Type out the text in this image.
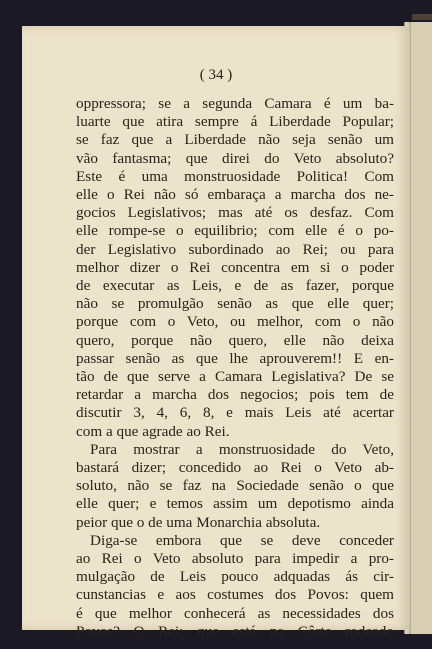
( 34 )
oppressora; se a segunda Camara é um ba-
luarte que atira sempre á Liberdade Popular;
se faz que a Liberdade não seja senão um
vão fantasma; que direi do Veto absoluto?
Este é uma monstruosidade Politica! Com
elle o Rei não só embaraça a marcha dos ne-
gocios Legislativos; mas até os desfaz. Com
elle rompe-se o equilibrio; com elle é o po-
der Legislativo subordinado ao Rei; ou para
melhor dizer o Rei concentra em si o poder
de executar as Leis, e de as fazer, porque
não se promulgão senão as que elle quer;
porque com o Veto, ou melhor, com o não
quero, porque não quero, elle não deixa
passar senão as que lhe aprouverem!! E en-
tão de que serve a Camara Legislativa? De se
retardar a marcha dos negocios; pois tem de
discutir 3, 4, 6, 8, e mais Leis até acertar
com a que agrade ao Rei.
Para mostrar a monstruosidade do Veto,
bastará dizer; concedido ao Rei o Veto ab-
soluto, não se faz na Sociedade senão o que
elle quer; e temos assim um depotismo ainda
peior que o de uma Monarchia absoluta.
Diga-se embora que se deve conceder
ao Rei o Veto absoluto para impedir a pro-
mulgação de Leis pouco adquadas ás cir-
cunstancias e aos costumes dos Povos: quem
é que melhor conhecerá as necessidades dos
Povos? O Rei; que está na Côrte rodeado
